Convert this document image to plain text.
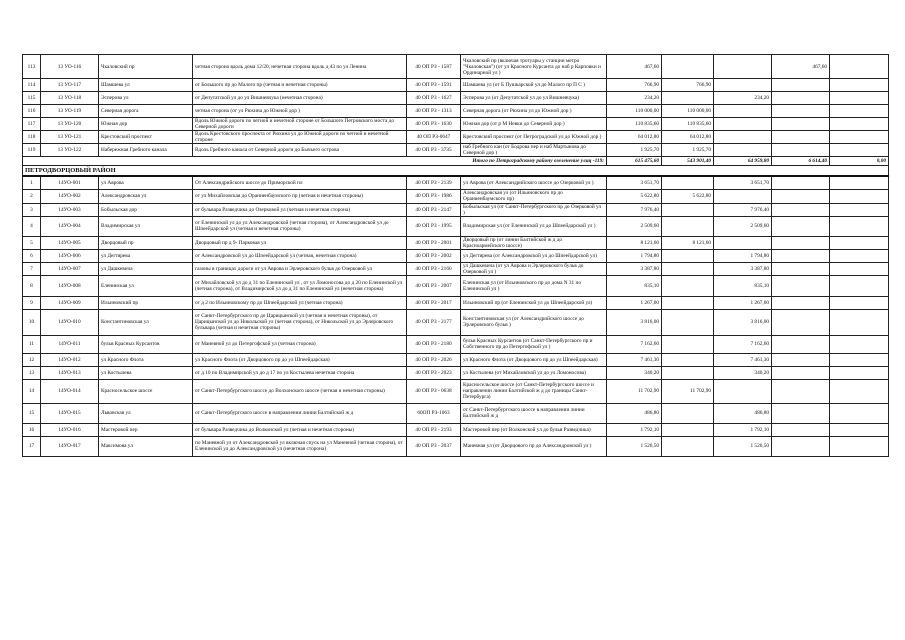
113	13 УО-116	Чкаловский пр	четная сторона вдоль дома 12/20, нечетная сторона вдоль д 43 по ул Ленина	40 ОП РЗ - 1587	Чкаловский пр (включая тротуары у станции метро "Чкаловская") (от ул Красного Курсанта до наб р Карповки и Ординарной ул )	467,60			467,60	
114	13 УО-117	Шамшева ул	от Большого пр до Малого пр (четная и нечетная стороны)	40 ОП РЗ - 1591	Шамшева ул (от Б Пушкарской ул до Малого пр П С )	766,90	766,90			
115	13 УО-118	Эсперова ул	от Депутатской ул до ул Вишневчука (нечетная сторона)	40 ОП РЗ - 1627	Эсперова ул (от Депутатской ул до ул Вишневчука)	234,20		234,20		
116	13 УО-119	Северная дорога	четная сторона (от ул Рюхина до Южной дор )	40 ОП РЗ - 1313	Северная дорога (от Рюхина ул до Южной дор )	110 000,00	110 000,00			
117	13 УО-120	Южная дор	Вдоль Южной дороги по четной и нечетной стороне от Большого Петровского моста до Северной дороги	40 ОП РЗ - 1630	Южная дор (от р М Невки до Северной дор )	110 835,60	110 835,60			
118	13 УО-121	Крестовский проспект	Вдоль Крестовского проспекта от Рюхина ул до Южной дороги по четной и нечетной стороне	40 ОП РЗ-0647	Крестовский проспект (от Петроградской ул до Южной дор )	64 012,80	64 012,80			
119	13 УО-122	Набережная Гребного канала	Вдоль Гребного канала от Северной дороги до Бычьего острова	40 ОП РЗ - 3735	наб Гребного кан (от Бодрова пер и наб Мартынова до Северной дор )	1 925,70	1 925,70			
Итого по Петроградскому району озеленение улиц -119:						615 475,60	543 901,40	64 959,80	6 614,40	0,00
ПЕТРОДВОРЦОВЫЙ РАЙОН										
1	14УО-001	ул Аврова	От Александрийского шоссе до Приморской пл	40 ОП РЗ - 2139	ул Аврова (от Александрийского шоссе до Озерковой ул )	3 651,70		3 651,70		
2	14УО-002	Александровская ул	от ул Михайловская до Ораниенбаумского пр (четная и нечетная стороны)	40 ОП РЗ - 1986	Александровская ул (от Ильиновского пр до Ораниенбаумского пр)	5 622,80	5 622,80			
3	14УО-003	Бобыльская дор	от бульвара Разведчика до Озерковой ул (четная и нечетная сторона)	40 ОП РЗ - 2147	Бобыльская ул (от Санкт-Петербургского пр до Озерковой ул )	7 976,40		7 976,40		
4	14УО-004	Владимирская ул	от Еленинской ул до ул Александровской (четная сторона), от Александровской ул до Шпеейдарской ул (четная и нечетная стороны)	40 ОП РЗ - 1995	Владимирская ул (от Еленинской ул до Шпеейдарской ул )	2 509,60		2 509,60		
5	14УО-005	Дворцовый пр	Дворцовый пр д 9- Парковая ул	40 ОП РЗ - 2001	Дворцовый пр (от линии Балтийской ж д до Красноармейского шоссе)	8 121,60	8 121,60			
6	14УО-006	ул Дегтярева	от Александровской ул до Шпеейдарской ул (четная, нечетная сторона)	40 ОП РЗ - 2002	ул Дегтярева (от Александровской ул до Шпеейдарской ул)	1 794,80		1 794,80		
7	14УО-007	ул Дашкевича	газоны в границах дороги от ул Аврова и Эрлеровского бульв до Озерковой ул	40 ОП РЗ - 2160	ул Дашкевича (от ул Аврова и Эрлеровского бульв до Озерковой ул )	3 387,80		3 387,80		
8	14УО-008	Еленинская ул	от Михайловской ул до д 31 по Еленинской ул , от ул Ломоносова до д 20 по Еленинской ул (четная сторона), от Владимирской ул до д 31 по Еленинской ул (нечетная сторона)	40 ОП РЗ - 2007	Еленинская ул (от Ильиновского пр до дома N 31 по Еленинской ул )	835,10		835,10		
9	14УО-009	Ильиновский пр	от д 2 по Ильиновскому пр до Шпеейдарской ул (четная сторона)	40 ОП РЗ - 2017	Ильиновский пр (от Еленинской ул до Шпеейдарской ул)	1 267,00		1 267,00		
10	14УО-010	Константиновская ул	от Санкт-Петербургского пр до Царицынской ул (четная и нечетная стороны), от Царицынской ул до Никольской ул (четная сторона), от Никольской ул до Эрлеровского бульвара (четная и нечетная стороны)	40 ОП РЗ - 2177	Константиновская ул (от Александрийского шоссе до Эрлеровского бульв )	3 816,00		3 816,00		
11	14УО-011	бульв Красных Курсантов	от Маневной ул до Петергофской ул (четная сторона)	40 ОП РЗ - 2180	бульв Красных Курсантов (от Санкт-Петербургского пр и Собственного пр до Петергофской ул )	7 162,60		7 162,60		
12	14УО-012	ул Красного Флота	ул Красного Флота (от Дворцового пр до ул Шпеейдарская)	40 ОП РЗ - 2026	ул Красного Флота (от Дворцового пр до ул Шпеейдарская)	7 461,30		7 461,30		
13	14УО-013	ул Костылева	от д 10 по Владимирской ул до д 17 по ул Костылева нечетная сторона	40 ОП РЗ - 2023	ул Костылева (от Михайловской ул до ул Ломоносова)	340,20		340,20		
14	14УО-014	Красносельское шоссе	от Санкт-Петербургского шоссе до Волхонского шоссе (четная и нечетная стороны)	40 ОП РЗ - 0638	Красносельское шоссе (от Санкт-Петербургского шоссе и направлении линии Балтийской ж д до границы Санкт-Петербурга)	11 702,90	11 702,90			
15	14УО-015	Львовская ул	от Санкт-Петербургского шоссе в направлении линии Балтийской ж д	60ОП РЗ-1063	от Санкт-Петербургского шоссе в направлении линии Балтийской ж д	486,80		486,80		
16	14УО-016	Мастеровой пер	от бульвара Разведчика до Волконской ул (четная и нечетная стороны)	40 ОП РЗ - 2193	Мастеровой пер (от Волконской ул до бульв Разведчика)	1 792,10		1 792,10		
17	14УО-017	Максимова ул	по Маневной ул от Александровской ул включая спуск на ул Маневной (четная сторона), от Еленинской ул до Александровской ул (нечетная сторона)	40 ОП РЗ - 2037	Маневная ул (от Дворцового пр до Александровской ул )	1 526,50		1 526,50		
